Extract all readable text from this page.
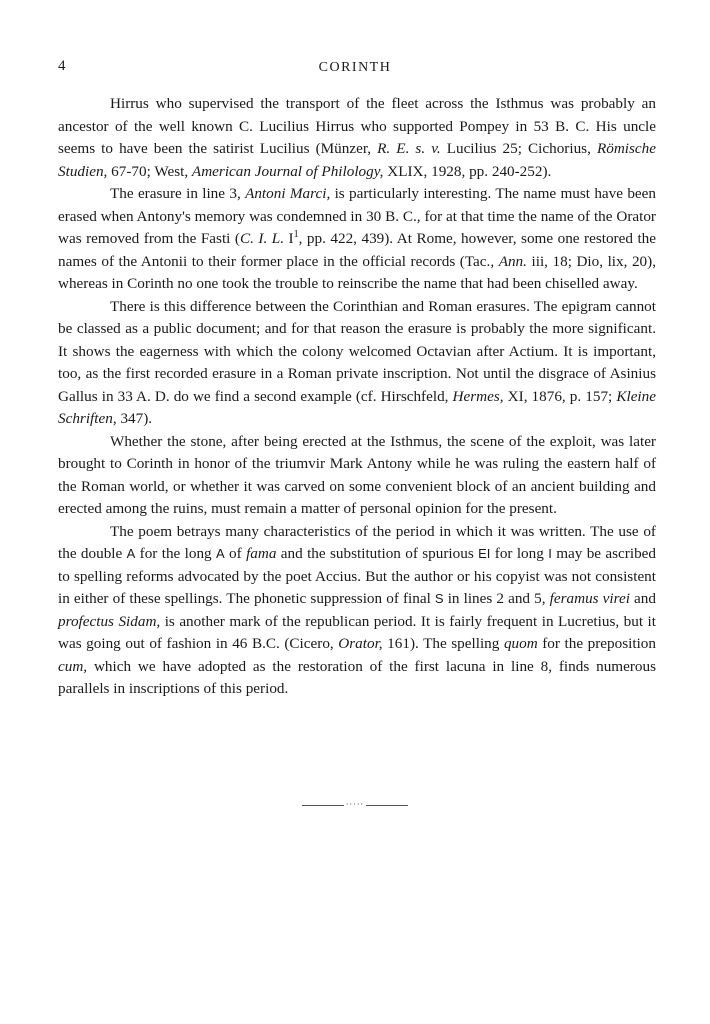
4	CORINTH

Hirrus who supervised the transport of the fleet across the Isthmus was probably an ancestor of the well known C. Lucilius Hirrus who supported Pompey in 53 B. C. His uncle seems to have been the satirist Lucilius (Münzer, R. E. s. v. Lucilius 25; Cichorius, Römische Studien, 67-70; West, American Journal of Philology, XLIX, 1928, pp. 240-252).

The erasure in line 3, Antoni Marci, is particularly interesting. The name must have been erased when Antony's memory was condemned in 30 B. C., for at that time the name of the Orator was removed from the Fasti (C. I. L. $I^1$, pp. 422, 439). At Rome, however, some one restored the names of the Antonii to their former place in the official records (Tac., Ann. iii, 18; Dio, lix, 20), whereas in Corinth no one took the trouble to reinscribe the name that had been chiselled away.

There is this difference between the Corinthian and Roman erasures. The epigram cannot be classed as a public document; and for that reason the erasure is probably the more significant. It shows the eagerness with which the colony welcomed Octavian after Actium. It is important, too, as the first recorded erasure in a Roman private inscription. Not until the disgrace of Asinius Gallus in 33 A. D. do we find a second example (cf. Hirschfeld, Hermes, XI, 1876, p. 157; Kleine Schriften, 347).

Whether the stone, after being erected at the Isthmus, the scene of the exploit, was later brought to Corinth in honor of the triumvir Mark Antony while he was ruling the eastern half of the Roman world, or whether it was carved on some convenient block of an ancient building and erected among the ruins, must remain a matter of personal opinion for the present.

The poem betrays many characteristics of the period in which it was written. The use of the double A for the long A of fama and the substitution of spurious EI for long I may be ascribed to spelling reforms advocated by the poet Accius. But the author or his copyist was not consistent in either of these spellings. The phonetic suppression of final S in lines 2 and 5, feramus virei and profectus Sidam, is another mark of the republican period. It is fairly frequent in Lucretius, but it was going out of fashion in 46 B.C. (Cicero, Orator, 161). The spelling quom for the preposition cum, which we have adopted as the restoration of the first lacuna in line 8, finds numerous parallels in inscriptions of this period.

·····
